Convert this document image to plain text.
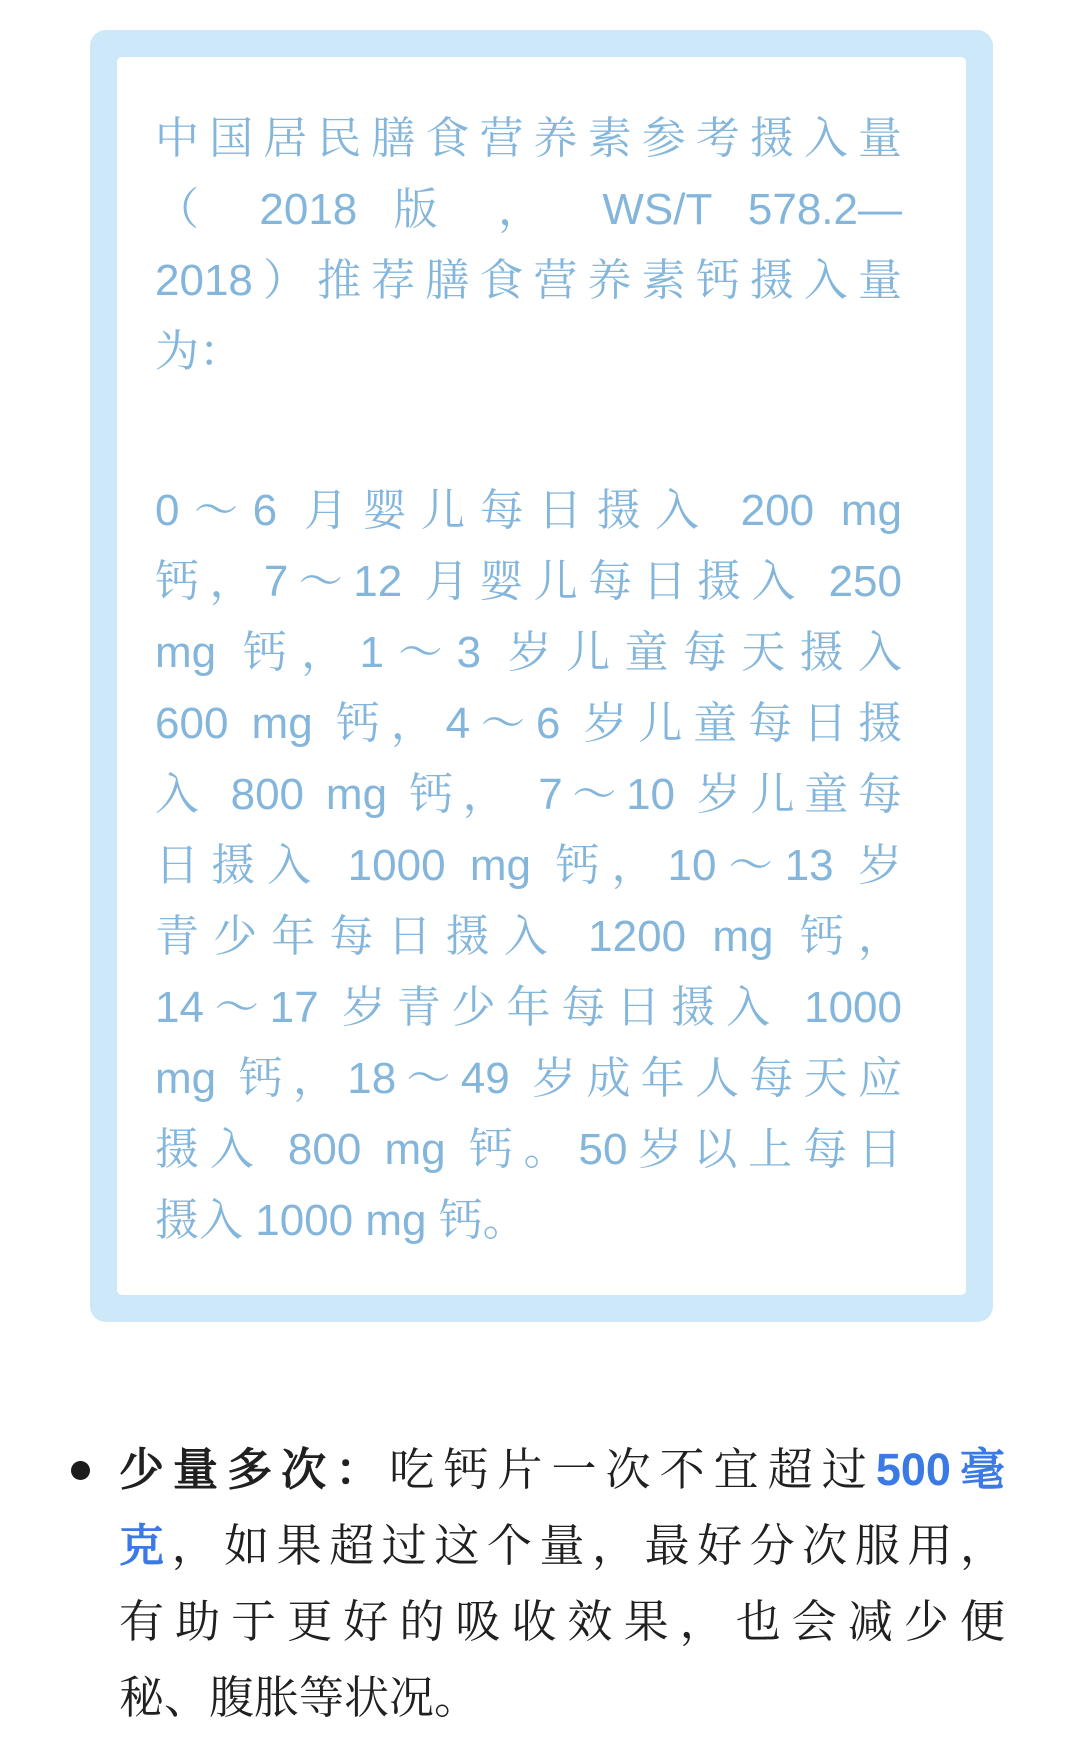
中国居民膳食营养素参考摄入量
（ 2018 版 ， WS/T 578.2—
2018）推荐膳食营养素钙摄入量
为：
0～6 月婴儿每日摄入 200 mg
钙，7～12 月婴儿每日摄入 250
mg 钙，1～3 岁儿童每天摄入
600 mg 钙，4～6 岁儿童每日摄
入 800 mg 钙， 7～10 岁儿童每
日摄入 1000 mg 钙，10～13 岁
青少年每日摄入 1200 mg 钙，
14～17 岁青少年每日摄入 1000
mg 钙，18～49 岁成年人每天应
摄入 800 mg 钙。50岁以上每日
摄入 1000 mg 钙。
少量多次：吃钙片一次不宜超过500毫
克，如果超过这个量，最好分次服用，
有助于更好的吸收效果，也会减少便
秘、腹胀等状况。
